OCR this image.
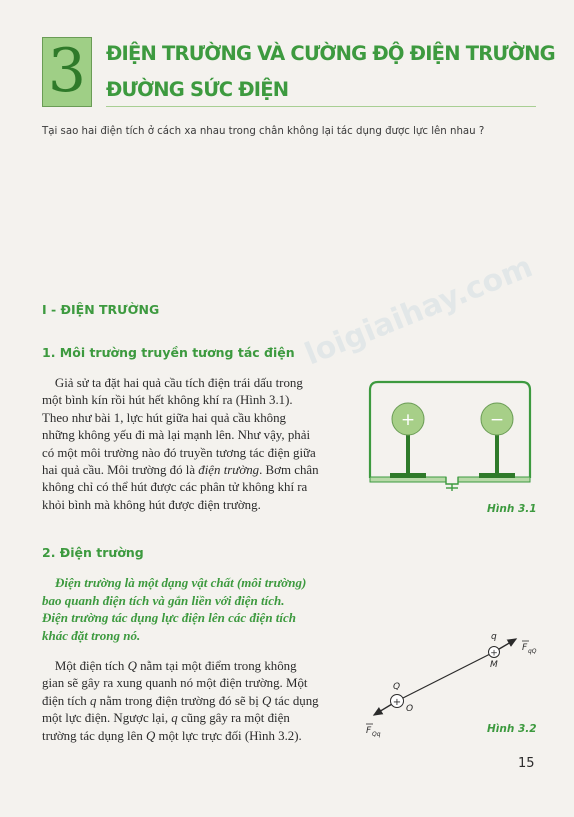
3	ĐIỆN TRƯỜNG VÀ CƯỜNG ĐỘ ĐIỆN TRƯỜNG
ĐƯỜNG SỨC ĐIỆN
Tại sao hai điện tích ở cách xa nhau trong chân không lại tác dụng được lực lên nhau ?
loigiaihay.com
I - ĐIỆN TRƯỜNG
1. Môi trường truyền tương tác điện
Giả sử ta đặt hai quả cầu tích điện trái dấu trong
một bình kín rồi hút hết không khí ra (Hình 3.1).
Theo như bài 1, lực hút giữa hai quả cầu không
những không yếu đi mà lại mạnh lên. Như vậy, phải
có một môi trường nào đó truyền tương tác điện giữa
hai quả cầu. Môi trường đó là điện trường. Bơm chân
không chỉ có thể hút được các phân tử không khí ra
khỏi bình mà không hút được điện trường.
+	−
Hình 3.1
2. Điện trường
Điện trường là một dạng vật chất (môi trường)
bao quanh điện tích và gắn liền với điện tích.
Điện trường tác dụng lực điện lên các điện tích
khác đặt trong nó.
Một điện tích Q nằm tại một điểm trong không
gian sẽ gây ra xung quanh nó một điện trường. Một
điện tích q nằm trong điện trường đó sẽ bị Q tác dụng
một lực điện. Ngược lại, q cũng gây ra một điện
trường tác dụng lên Q một lực trực đối (Hình 3.2).
+
q
M
F qQ
+
Q
O
F Qq	Hình 3.2
15
